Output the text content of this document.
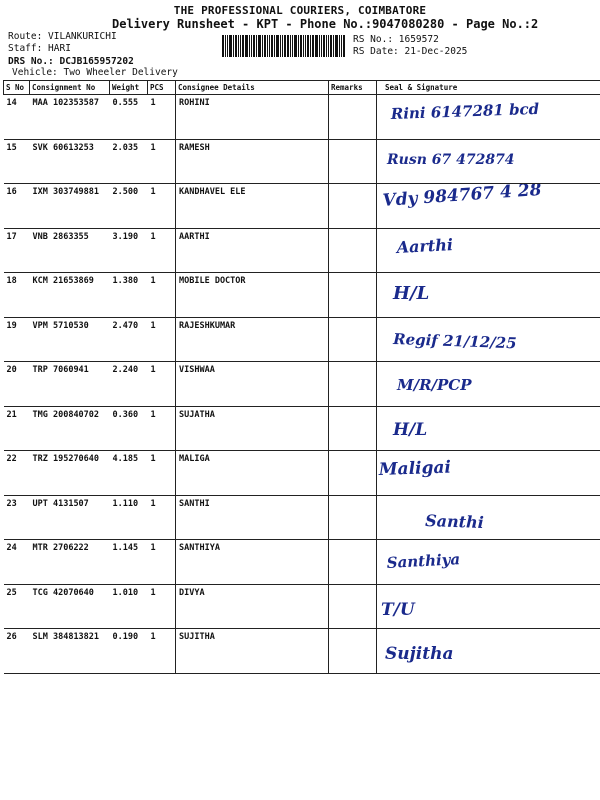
THE PROFESSIONAL COURIERS, COIMBATORE
Delivery Runsheet - KPT - Phone No.:9047080280 - Page No.:2
Route: VILANKURICHI
Staff: HARI
DRS No.: DCJB165957202
Vehicle: Two Wheeler Delivery
RS No.: 1659572
RS Date: 21-Dec-2025
S No	Consignment No	Weight	PCS	Consignee Details	Remarks	Seal & Signature
14	MAA 102353587	0.555	1	ROHINI		Rini 6147281 bcd

15	SVK 60613253	2.035	1	RAMESH		Rusn 67 472874

16	IXM 303749881	2.500	1	KANDHAVEL ELE		Vdy 984767 4 28

17	VNB 2863355	3.190	1	AARTHI		Aarthi

18	KCM 21653869	1.380	1	MOBILE DOCTOR		H/L

19	VPM 5710530	2.470	1	RAJESHKUMAR		Regif 21/12/25

20	TRP 7060941	2.240	1	VISHWAA		M/R/PCP

21	TMG 200840702	0.360	1	SUJATHA		H/L

22	TRZ 195270640	4.185	1	MALIGA		Maligai

23	UPT 4131507	1.110	1	SANTHI		Santhi

24	MTR 2706222	1.145	1	SANTHIYA		Santhiya

25	TCG 42070640	1.010	1	DIVYA		T/U

26	SLM 384813821	0.190	1	SUJITHA		Sujitha
